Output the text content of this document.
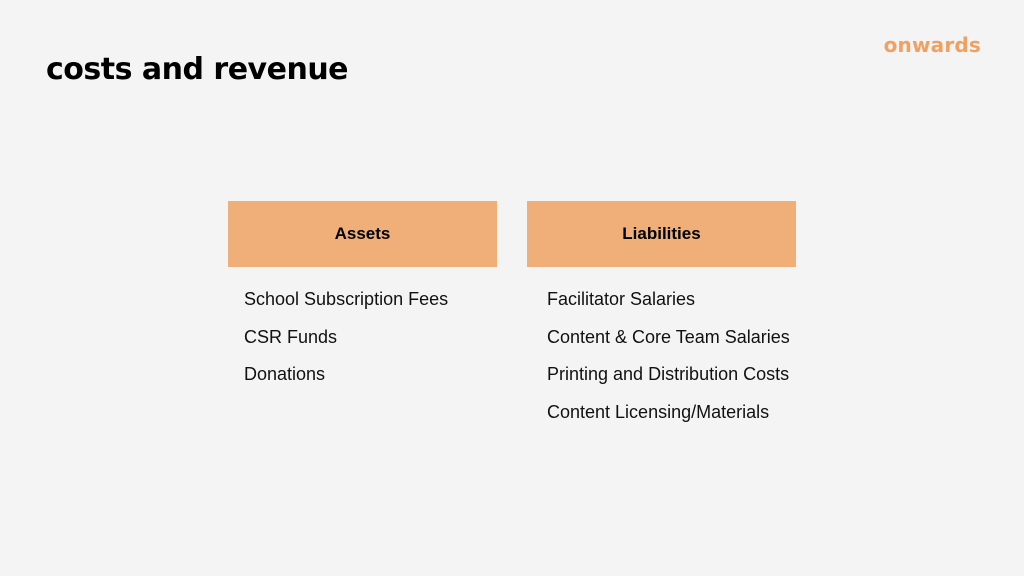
onwards
costs and revenue
Assets
School Subscription Fees
CSR Funds
Donations
Liabilities
Facilitator Salaries
Content & Core Team Salaries
Printing and Distribution Costs
Content Licensing/Materials
